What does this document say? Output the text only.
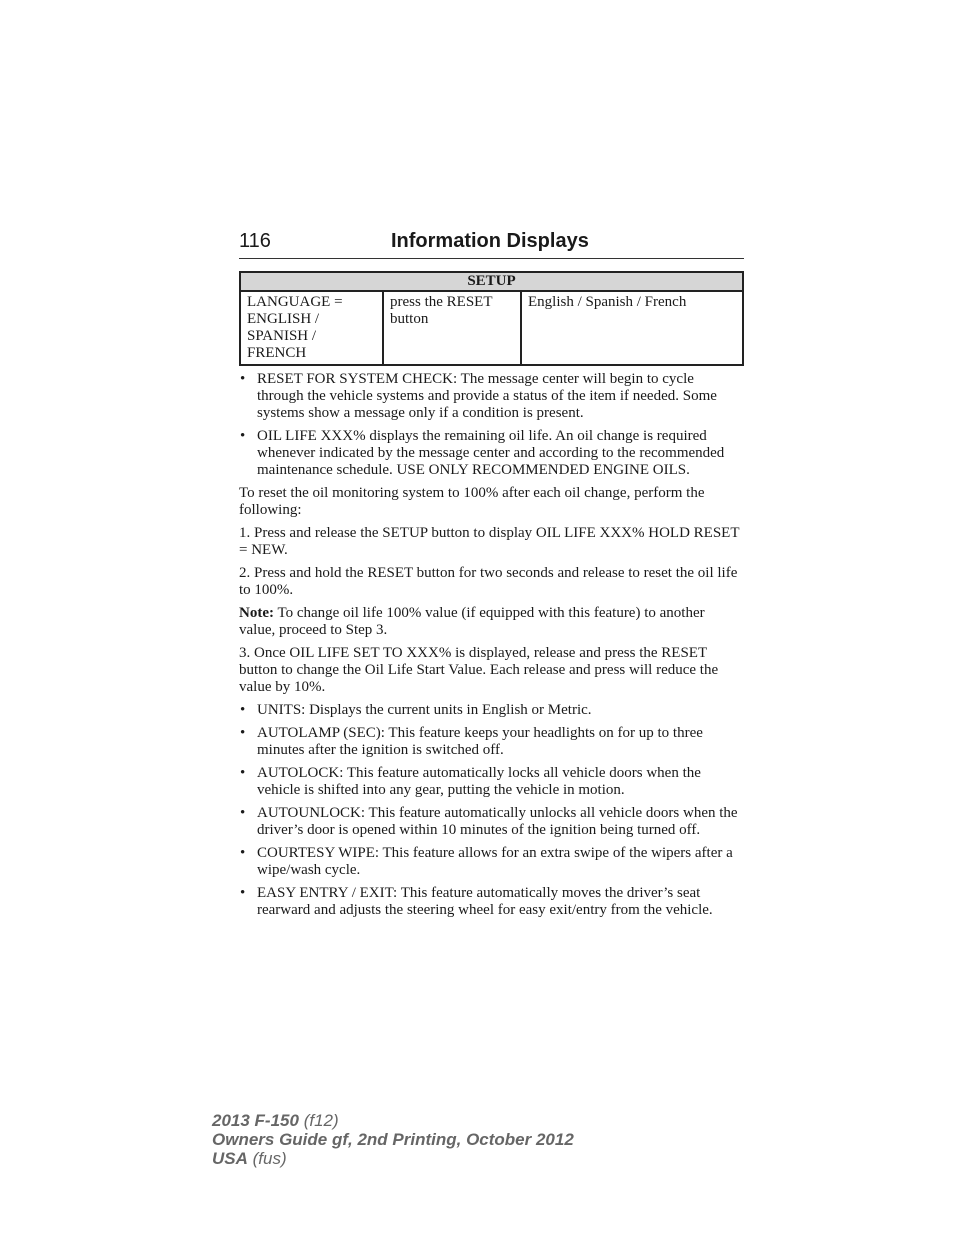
116	Information Displays
SETUP
LANGUAGE = ENGLISH / SPANISH / FRENCH	press the RESET button	English / Spanish / French
• RESET FOR SYSTEM CHECK: The message center will begin to cycle through the vehicle systems and provide a status of the item if needed. Some systems show a message only if a condition is present.
• OIL LIFE XXX% displays the remaining oil life. An oil change is required whenever indicated by the message center and according to the recommended maintenance schedule. USE ONLY RECOMMENDED ENGINE OILS.

To reset the oil monitoring system to 100% after each oil change, perform the following:

1. Press and release the SETUP button to display OIL LIFE XXX% HOLD RESET = NEW.

2. Press and hold the RESET button for two seconds and release to reset the oil life to 100%.

Note: To change oil life 100% value (if equipped with this feature) to another value, proceed to Step 3.

3. Once OIL LIFE SET TO XXX% is displayed, release and press the RESET button to change the Oil Life Start Value. Each release and press will reduce the value by 10%.

• UNITS: Displays the current units in English or Metric.
• AUTOLAMP (SEC): This feature keeps your headlights on for up to three minutes after the ignition is switched off.
• AUTOLOCK: This feature automatically locks all vehicle doors when the vehicle is shifted into any gear, putting the vehicle in motion.
• AUTOUNLOCK: This feature automatically unlocks all vehicle doors when the driver’s door is opened within 10 minutes of the ignition being turned off.
• COURTESY WIPE: This feature allows for an extra swipe of the wipers after a wipe/wash cycle.
• EASY ENTRY / EXIT: This feature automatically moves the driver’s seat rearward and adjusts the steering wheel for easy exit/entry from the vehicle.
2013 F-150 (f12)
Owners Guide gf, 2nd Printing, October 2012
USA (fus)
